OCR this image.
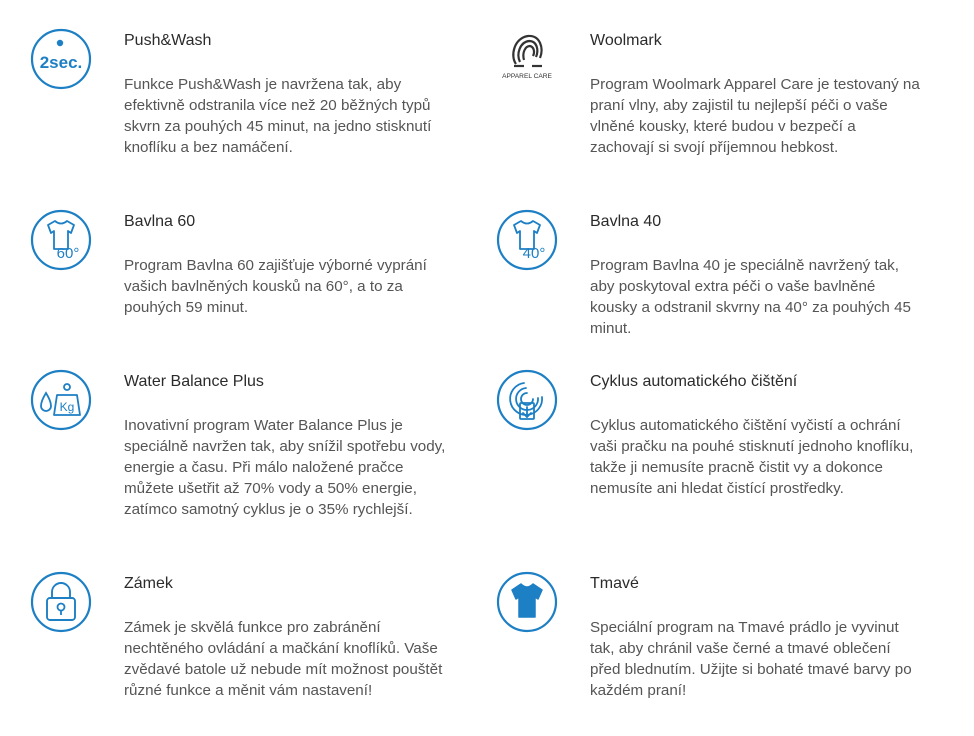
2sec.

Push&Wash

Funkce Push&Wash je navržena tak, aby efektivně odstranila více než 20 běžných typů skvrn za pouhých 45 minut, na jedno stisknutí knoflíku a bez namáčení.

APPAREL CARE

Woolmark

Program Woolmark Apparel Care je testovaný na praní vlny, aby zajistil tu nejlepší péči o vaše vlněné kousky, které budou v bezpečí a zachovají si svojí příjemnou hebkost.

60°

Bavlna 60

Program Bavlna 60 zajišťuje výborné vyprání vašich bavlněných kousků na 60°, a to za pouhých 59 minut.

40°

Bavlna 40

Program Bavlna 40 je speciálně navržený tak, aby poskytoval extra péči o vaše bavlněné kousky a odstranil skvrny na 40° za pouhých 45 minut.

Kg

Water Balance Plus

Inovativní program Water Balance Plus je speciálně navržen tak, aby snížil spotřebu vody, energie a času. Při málo naložené pračce můžete ušetřit až 70% vody a 50% energie, zatímco samotný cyklus je o 35% rychlejší.

Cyklus automatického čištění

Cyklus automatického čištění vyčistí a ochrání vaši pračku na pouhé stisknutí jednoho knoflíku, takže ji nemusíte pracně čistit vy a dokonce nemusíte ani hledat čistící prostředky.

Zámek

Zámek je skvělá funkce pro zabránění nechtěného ovládání a mačkání knoflíků. Vaše zvědavé batole už nebude mít možnost pouštět různé funkce a měnit vám nastavení!

Tmavé

Speciální program na Tmavé prádlo je vyvinut tak, aby chránil vaše černé a tmavé oblečení před blednutím. Užijte si bohaté tmavé barvy po každém praní!
